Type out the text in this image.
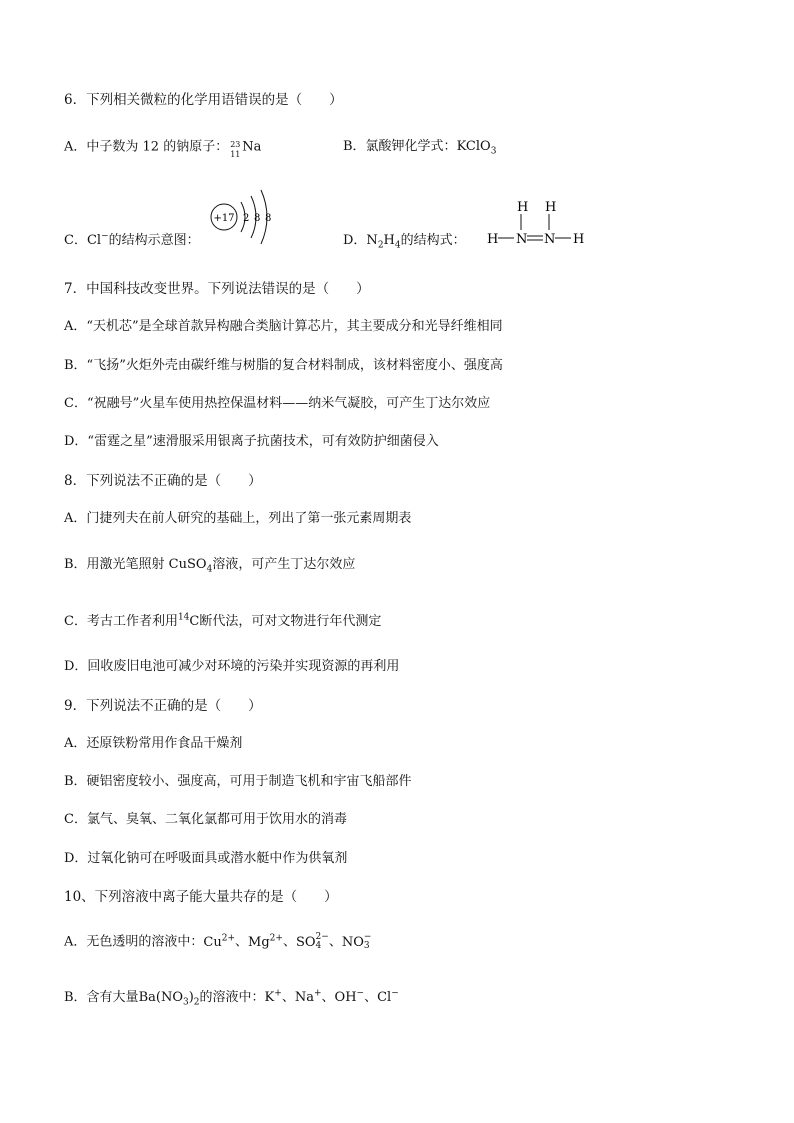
6．下列相关微粒的化学用语错误的是（　　）
A．中子数为 12 的钠原子： 23
11 Na	B．氯酸钾化学式：KClO$_3$
+17 2 8 8
C．Cl−的结构示意图：	D．$N_2H_4$的结构式：
H H
H N N H
7．中国科技改变世界。下列说法错误的是（　　）
A．“天机芯”是全球首款异构融合类脑计算芯片，其主要成分和光导纤维相同
B．“飞扬”火炬外壳由碳纤维与树脂的复合材料制成，该材料密度小、强度高
C．“祝融号”火星车使用热控保温材料——纳米气凝胶，可产生丁达尔效应
D．“雷霆之星”速滑服采用银离子抗菌技术，可有效防护细菌侵入
8．下列说法不正确的是（　　）
A．门捷列夫在前人研究的基础上，列出了第一张元素周期表
B．用激光笔照射 CuSO$_4$溶液，可产生丁达尔效应
C．考古工作者利用$^{14}$C断代法，可对文物进行年代测定
D．回收废旧电池可减少对环境的污染并实现资源的再利用
9．下列说法不正确的是（　　）
A．还原铁粉常用作食品干燥剂
B．硬铝密度较小、强度高，可用于制造飞机和宇宙飞船部件
C．氯气、臭氧、二氧化氯都可用于饮用水的消毒
D．过氧化钠可在呼吸面具或潜水艇中作为供氧剂
10、下列溶液中离子能大量共存的是（　　）
A．无色透明的溶液中：$Cu^{2+}$、$Mg^{2+}$、SO 2−
4 、NO −
3
B．含有大量$Ba(NO_3)_2$的溶液中：K+、Na+、OH−、Cl−
